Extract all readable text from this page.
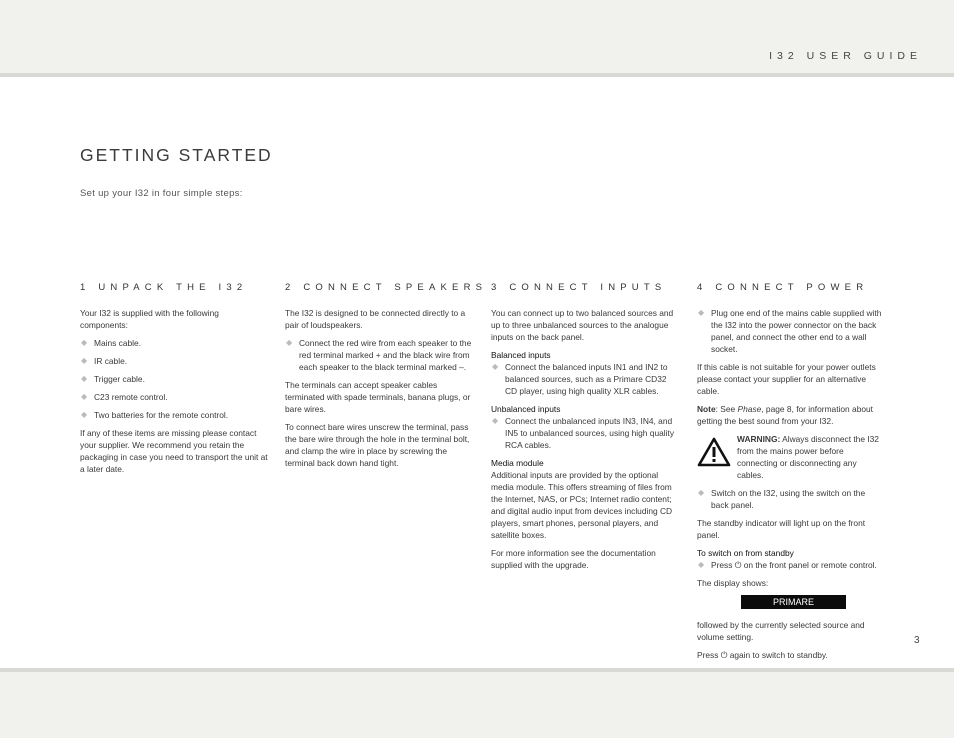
I32 USER GUIDE
GETTING STARTED

Set up your I32 in four simple steps:

1 UNPACK THE I32

Your I32 is supplied with the following components:

◆ Mains cable.
◆ IR cable.
◆ Trigger cable.
◆ C23 remote control.
◆ Two batteries for the remote control.

If any of these items are missing please contact your supplier. We recommend you retain the packaging in case you need to transport the unit at a later date.

2 CONNECT SPEAKERS

The I32 is designed to be connected directly to a pair of loudspeakers.

◆ Connect the red wire from each speaker to the red terminal marked + and the black wire from each speaker to the black terminal marked –.

The terminals can accept speaker cables terminated with spade terminals, banana plugs, or bare wires.

To connect bare wires unscrew the terminal, pass the bare wire through the hole in the terminal bolt, and clamp the wire in place by screwing the terminal back down hand tight.

3 CONNECT INPUTS

You can connect up to two balanced sources and up to three unbalanced sources to the analogue inputs on the back panel.

Balanced inputs

◆ Connect the balanced inputs IN1 and IN2 to balanced sources, such as a Primare CD32 CD player, using high quality XLR cables.

Unbalanced inputs

◆ Connect the unbalanced inputs IN3, IN4, and IN5 to unbalanced sources, using high quality RCA cables.

Media module

Additional inputs are provided by the optional media module. This offers streaming of files from the Internet, NAS, or PCs; Internet radio content; and digital audio input from devices including CD players, smart phones, personal players, and satellite boxes.

For more information see the documentation supplied with the upgrade.

4 CONNECT POWER
◆ Plug one end of the mains cable supplied with the I32 into the power connector on the back panel, and connect the other end to a wall socket.

If this cable is not suitable for your power outlets please contact your supplier for an alternative cable.

Note: See Phase, page 8, for information about getting the best sound from your I32.

WARNING: Always disconnect the I32 from the mains power before connecting or disconnecting any cables.
◆ Switch on the I32, using the switch on the back panel.

The standby indicator will light up on the front panel.

To switch on from standby

◆ Press ⏻ on the front panel or remote control.

The display shows:

PRIMARE

followed by the currently selected source and volume setting.

Press ⏻ again to switch to standby.

3
